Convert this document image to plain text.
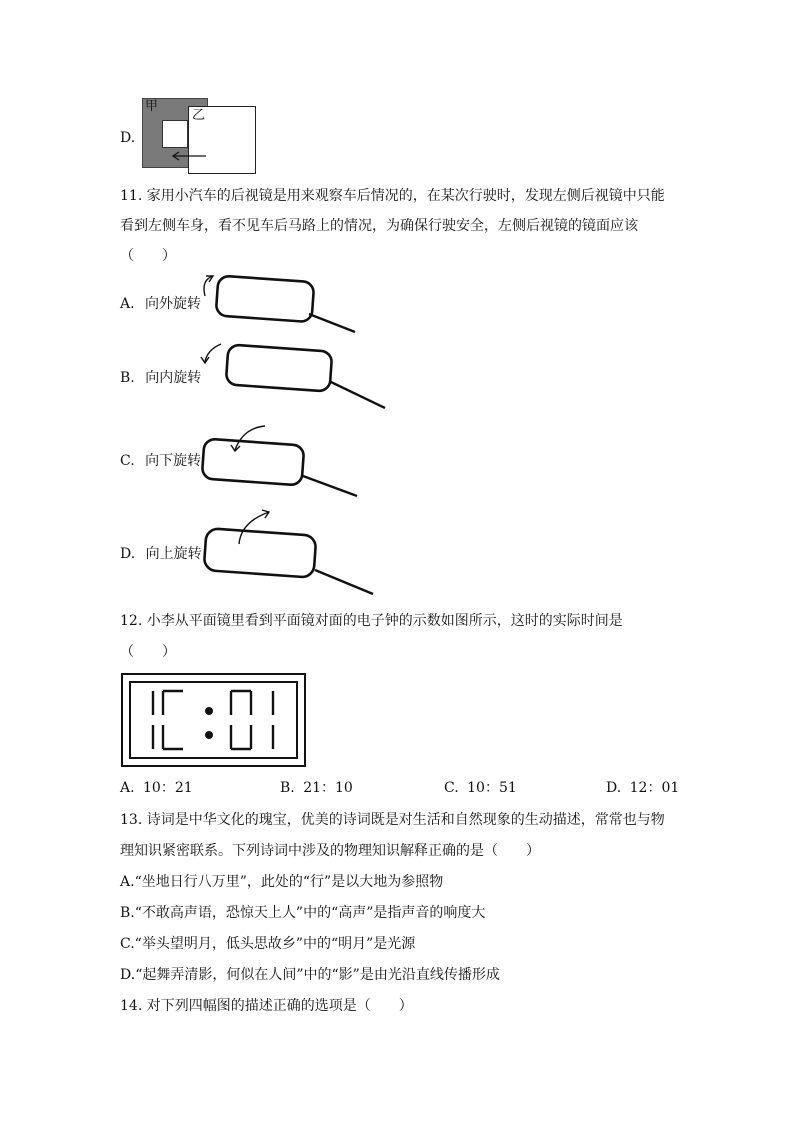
D.
甲
乙
11. 家用小汽车的后视镜是用来观察车后情况的，在某次行驶时，发现左侧后视镜中只能
看到左侧车身，看不见车后马路上的情况，为确保行驶安全，左侧后视镜的镜面应该
（　　）
A. 向外旋转
B. 向内旋转
C. 向下旋转
D. 向上旋转
12. 小李从平面镜里看到平面镜对面的电子钟的示数如图所示，这时的实际时间是
（　　）
A. 10：21	B. 21：10	C. 10：51	D. 12：01
13. 诗词是中华文化的瑰宝，优美的诗词既是对生活和自然现象的生动描述，常常也与物
理知识紧密联系。下列诗词中涉及的物理知识解释正确的是（　　）
A.“坐地日行八万里”，此处的“行”是以大地为参照物
B.“不敢高声语，恐惊天上人”中的“高声”是指声音的响度大
C.“举头望明月，低头思故乡”中的“明月”是光源
D.“起舞弄清影，何似在人间”中的“影”是由光沿直线传播形成
14. 对下列四幅图的描述正确的选项是（　　）
